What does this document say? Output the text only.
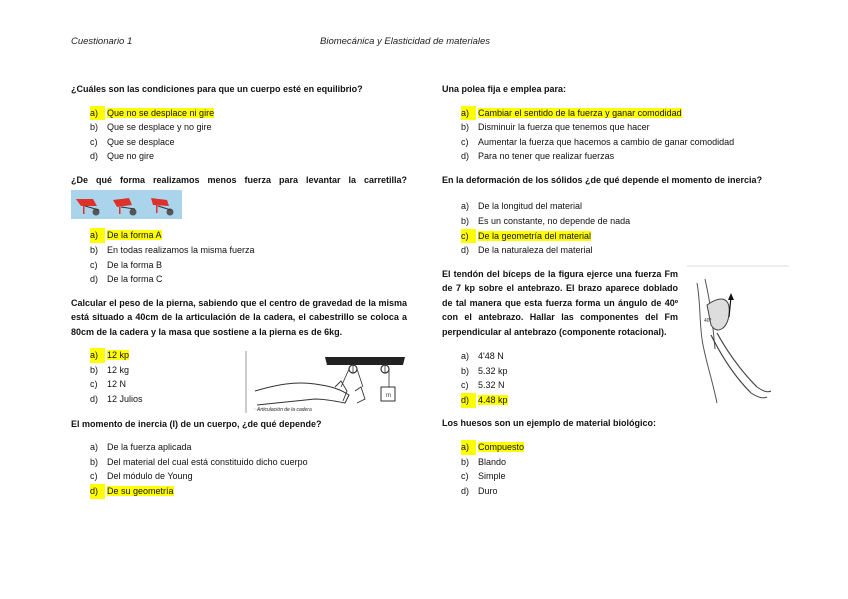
Cuestionario 1	Biomecánica y Elasticidad de materiales
¿Cuáles son las condiciones para que un cuerpo esté en equilibrio?
a) Que no se desplace ni gire
b) Que se desplace y no gire
c) Que se desplace
d) Que no gire
¿De qué forma realizamos menos fuerza para levantar la carretilla?
a) De la forma A
b) En todas realizamos la misma fuerza
c) De la forma B
d) De la forma C
Calcular el peso de la pierna, sabiendo que el centro de gravedad de la misma está situado a 40cm de la articulación de la cadera, el cabestrillo se coloca a 80cm de la cadera y la masa que sostiene a la pierna es de 6kg.
a) 12 kp
b) 12 kg
c) 12 N
d) 12 Julios	m
Articulación de la cadera
El momento de inercia (I) de un cuerpo, ¿de qué depende?
a) De la fuerza aplicada
b) Del material del cual está constituido dicho cuerpo
c) Del módulo de Young
d) De su geometría
Una polea fija e emplea para:
a) Cambiar el sentido de la fuerza y ganar comodidad
b) Disminuir la fuerza que tenemos que hacer
c) Aumentar la fuerza que hacemos a cambio de ganar comodidad
d) Para no tener que realizar fuerzas
En la deformación de los sólidos ¿de qué depende el momento de inercia?
a) De la longitud del material
b) Es un constante, no depende de nada
c) De la geometría del material
d) De la naturaleza del material
El tendón del bíceps de la figura ejerce una fuerza Fm de 7 kp sobre el antebrazo. El brazo aparece doblado de tal manera que esta fuerza forma un ángulo de 40º con el antebrazo. Hallar las componentes del Fm perpendicular al antebrazo (componente rotacional).
40°
a) 4'48 N
b) 5.32 kp
c) 5.32 N
d) 4.48 kp
Los huesos son un ejemplo de material biológico:
a) Compuesto
b) Blando
c) Simple
d) Duro
